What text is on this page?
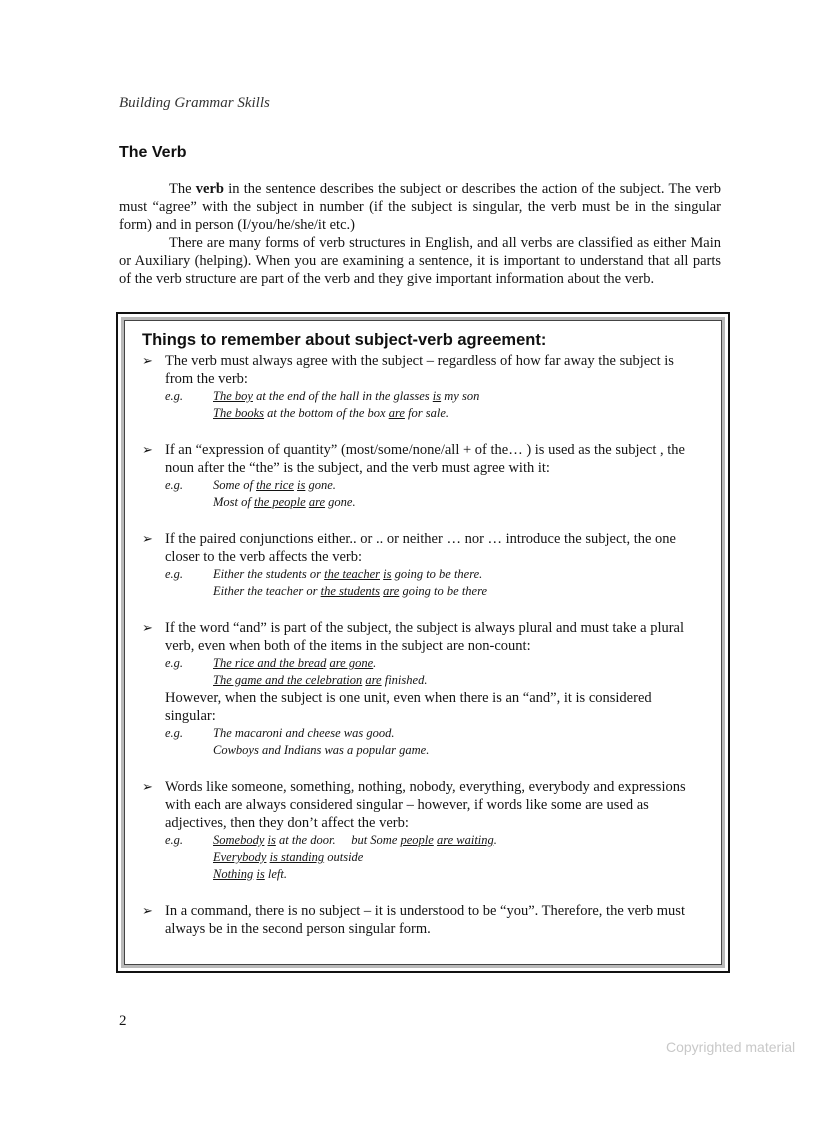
Building Grammar Skills
The Verb

The verb in the sentence describes the subject or describes the action of the subject. The verb must “agree” with the subject in number (if the subject is singular, the verb must be in the singular form) and in person (I/you/he/she/it etc.)

There are many forms of verb structures in English, and all verbs are classified as either Main or Auxiliary (helping). When you are examining a sentence, it is important to understand that all parts of the verb structure are part of the verb and they give important information about the verb.

Things to remember about subject-verb agreement:
➢ The verb must always agree with the subject – regardless of how far away the subject is from the verb:
e.g.	The boy at the end of the hall in the glasses is my son
The books at the bottom of the box are for sale.
➢ If an “expression of quantity” (most/some/none/all + of the… ) is used as the subject , the noun after the “the” is the subject, and the verb must agree with it:
e.g.	Some of the rice is gone.
Most of the people are gone.
➢ If the paired conjunctions either.. or .. or neither … nor … introduce the subject, the one closer to the verb affects the verb:
e.g.	Either the students or the teacher is going to be there.
Either the teacher or the students are going to be there
➢ If the word “and” is part of the subject, the subject is always plural and must take a plural verb, even when both of the items in the subject are non-count:
e.g.	The rice and the bread are gone.
The game and the celebration are finished.
However, when the subject is one unit, even when there is an “and”, it is considered singular:
e.g.	The macaroni and cheese was good.
Cowboys and Indians was a popular game.
➢ Words like someone, something, nothing, nobody, everything, everybody and expressions with each are always considered singular – however, if words like some are used as adjectives, then they don’t affect the verb:
e.g.	Somebody is at the door.     but Some people are waiting.
Everybody is standing outside
Nothing is left.
➢ In a command, there is no subject – it is understood to be “you”. Therefore, the verb must always be in the second person singular form.
2
Copyrighted material
